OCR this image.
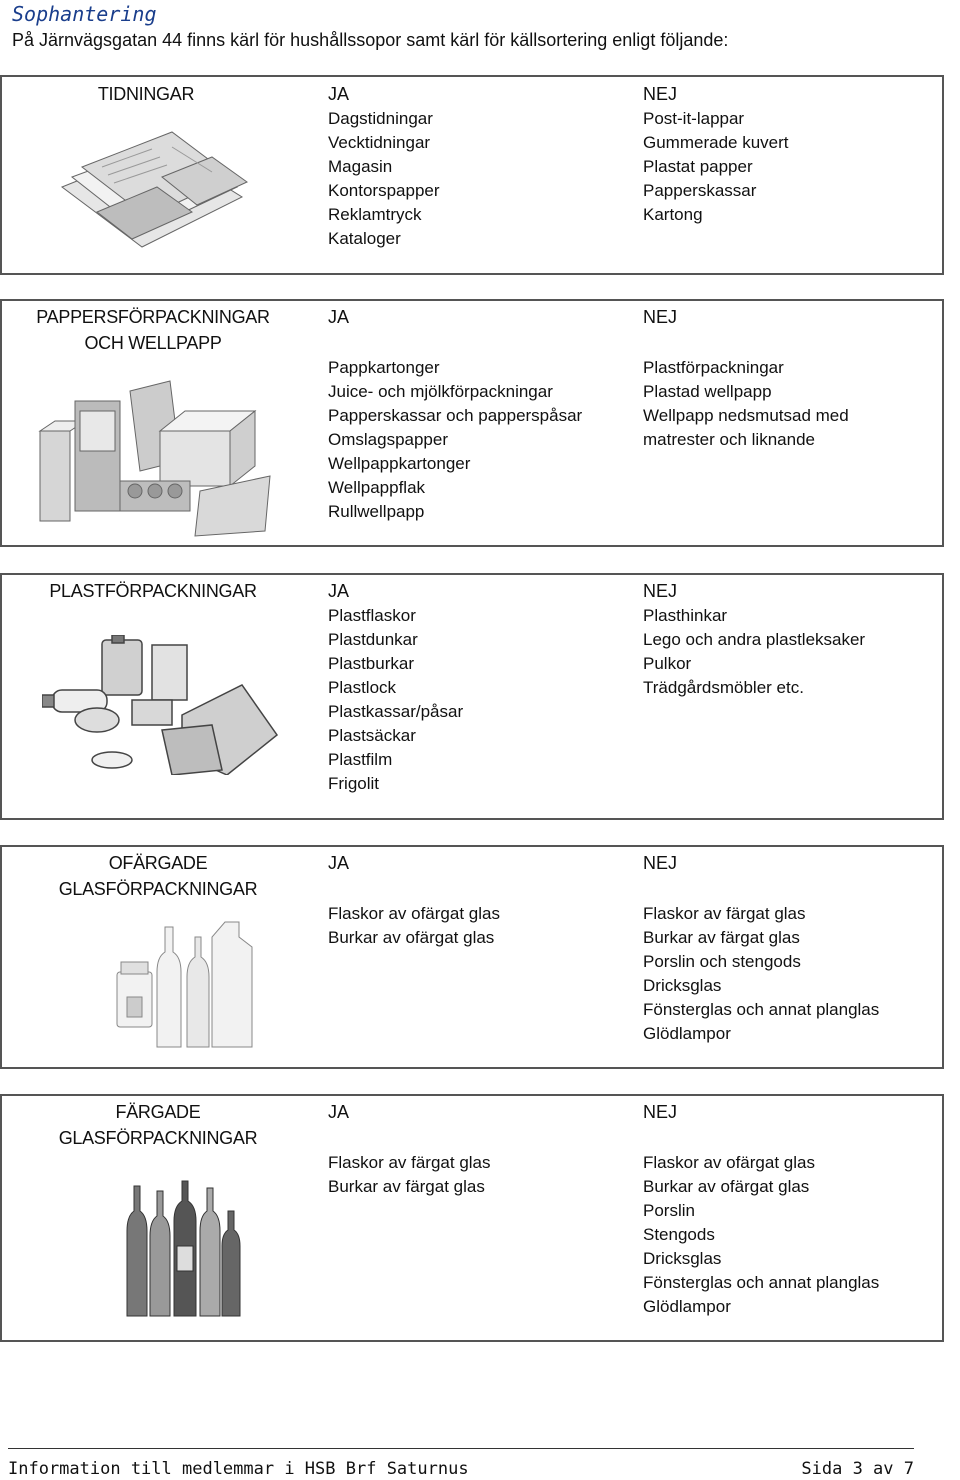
Sophantering
På Järnvägsgatan 44 finns kärl för hushållssopor samt kärl för källsortering enligt följande:
TIDNINGAR	JA
Dagstidningar
Vecktidningar
Magasin
Kontorspapper
Reklamtryck
Kataloger
NEJ
Post-it-lappar
Gummerade kuvert
Plastat papper
Papperskassar
Kartong
PAPPERSFÖRPACKNINGAR OCH WELLPAPP
JA
Pappkartonger
Juice- och mjölkförpackningar
Papperskassar och papperspåsar
Omslagspapper
Wellpappkartonger
Wellpappflak
Rullwellpapp
NEJ
Plastförpackningar
Plastad wellpapp
Wellpapp nedsmutsad med
matrester och liknande
PLASTFÖRPACKNINGAR	JA
Plastflaskor
Plastdunkar
Plastburkar
Plastlock
Plastkassar/påsar
Plastsäckar
Plastfilm
Frigolit
NEJ
Plasthinkar
Lego och andra plastleksaker
Pulkor
Trädgårdsmöbler etc.
OFÄRGADE GLASFÖRPACKNINGAR
JA
Flaskor av ofärgat glas
Burkar av ofärgat glas
NEJ
Flaskor av färgat glas
Burkar av färgat glas
Porslin och stengods
Dricksglas
Fönsterglas och annat planglas
Glödlampor
FÄRGADE GLASFÖRPACKNINGAR
JA
Flaskor av färgat glas
Burkar av färgat glas
NEJ
Flaskor av ofärgat glas
Burkar av ofärgat glas
Porslin
Stengods
Dricksglas
Fönsterglas och annat planglas
Glödlampor
Information till medlemmar i HSB Brf Saturnus	Sida 3 av 7
